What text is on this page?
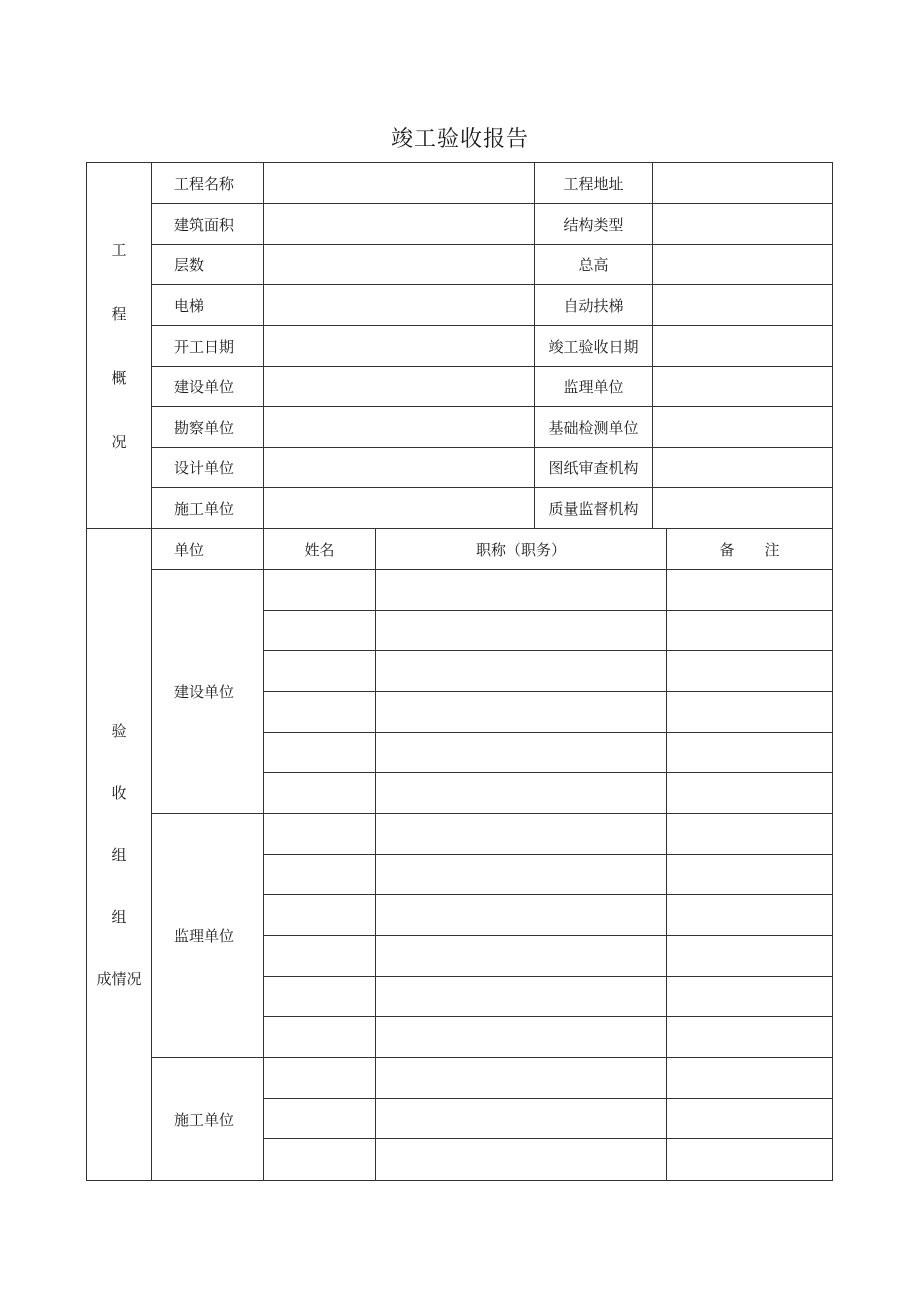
竣工验收报告
工
程
概
况
工程名称	工程地址
建筑面积	结构类型
层数	总高
电梯	自动扶梯
开工日期	竣工验收日期
建设单位	监理单位
勘察单位	基础检测单位
设计单位	图纸审查机构
施工单位	质量监督机构
验
收
组
组
成情况
单位	姓名	职称（职务）	备　　注
建设单位
监理单位
施工单位
